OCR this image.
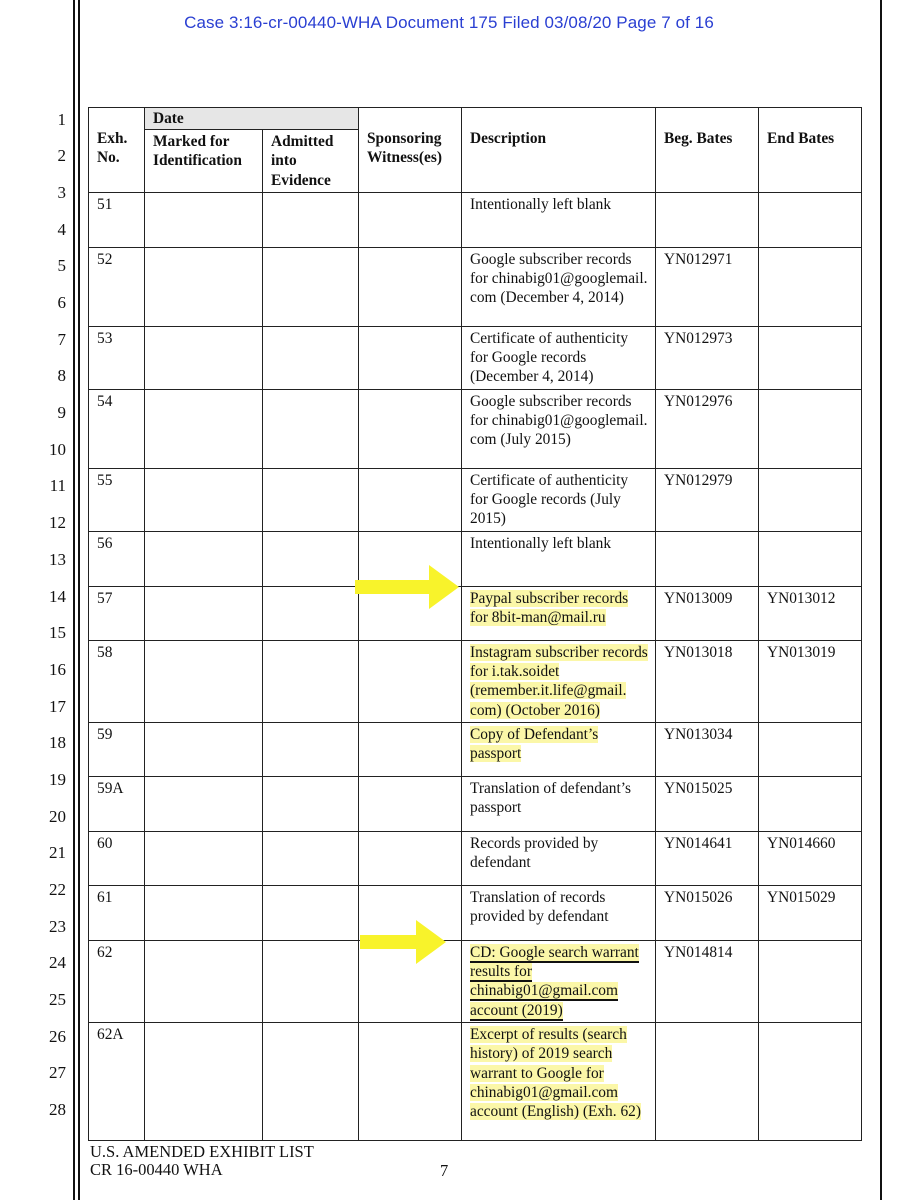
Case 3:16-cr-00440-WHA Document 175 Filed 03/08/20 Page 7 of 16
1
2
3
4
5
6
7
8
9
10
11
12
13
14
15
16
17
18
19
20
21
22
23
24
25
26
27
28
Exh. No.	Date		Sponsoring Witness(es)	Description	Beg. Bates	End Bates
	Marked for Identification	Admitted into Evidence				
51				Intentionally left blank		
52				Google subscriber records for chinabig01@googlemail. com (December 4, 2014)	YN012971	
53				Certificate of authenticity for Google records (December 4, 2014)	YN012973	
54				Google subscriber records for chinabig01@googlemail. com (July 2015)	YN012976	
55				Certificate of authenticity for Google records (July 2015)	YN012979	
56				Intentionally left blank		
57				Paypal subscriber records for 8bit-man@mail.ru	YN013009	YN013012
58				Instagram subscriber records for i.tak.soidet (remember.it.life@gmail. com) (October 2016)	YN013018	YN013019
59				Copy of Defendant’s passport	YN013034	
59A				Translation of defendant’s passport	YN015025	
60				Records provided by defendant	YN014641	YN014660
61				Translation of records provided by defendant	YN015026	YN015029
62				CD: Google search warrant results for chinabig01@gmail.com account (2019)	YN014814	
62A				Excerpt of results (search history) of 2019 search warrant to Google for chinabig01@gmail.com account (English) (Exh. 62)		
U.S. AMENDED EXHIBIT LIST
CR 16-00440 WHA	7
